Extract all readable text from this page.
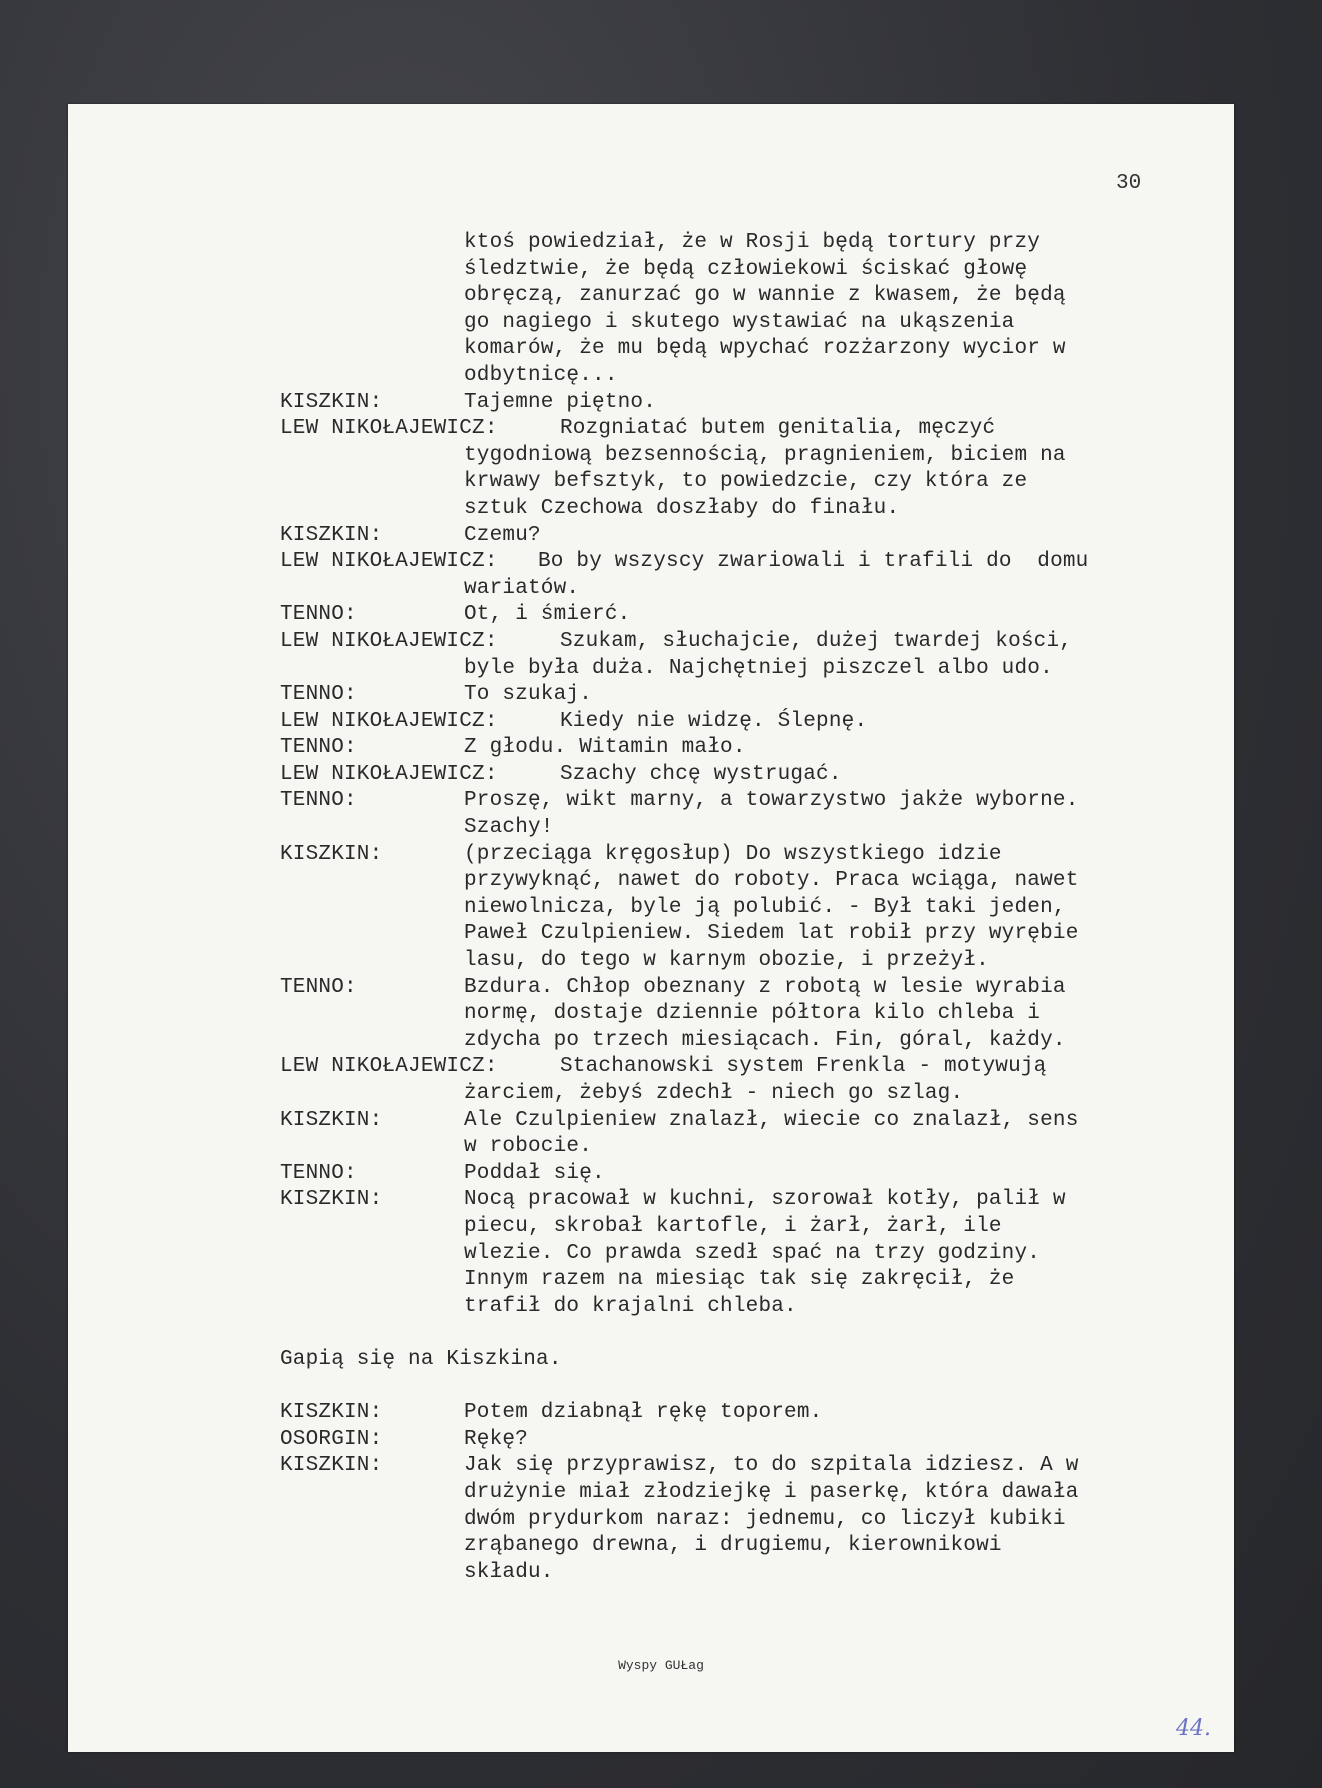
30
ktoś powiedział, że w Rosji będą tortury przy
śledztwie, że będą człowiekowi ściskać głowę
obręczą, zanurzać go w wannie z kwasem, że będą
go nagiego i skutego wystawiać na ukąszenia
komarów, że mu będą wpychać rozżarzony wycior w
odbytnicę...
KISZKIN:	Tajemne piętno.
LEW NIKOŁAJEWICZ:	Rozgniatać butem genitalia, męczyć
tygodniową bezsennością, pragnieniem, biciem na
krwawy befsztyk, to powiedzcie, czy która ze
sztuk Czechowa doszłaby do finału.
KISZKIN:	Czemu?
LEW NIKOŁAJEWICZ: Bo by wszyscy zwariowali i trafili do  domu
wariatów.
TENNO:	Ot, i śmierć.
LEW NIKOŁAJEWICZ:	Szukam, słuchajcie, dużej twardej kości,
byle była duża. Najchętniej piszczel albo udo.
TENNO:	To szukaj.
LEW NIKOŁAJEWICZ:	Kiedy nie widzę. Ślepnę.
TENNO:	Z głodu. Witamin mało.
LEW NIKOŁAJEWICZ:	Szachy chcę wystrugać.
TENNO:	Proszę, wikt marny, a towarzystwo jakże wyborne.
Szachy!
KISZKIN:	(przeciąga kręgosłup) Do wszystkiego idzie
przywyknąć, nawet do roboty. Praca wciąga, nawet
niewolnicza, byle ją polubić. - Był taki jeden,
Paweł Czulpieniew. Siedem lat robił przy wyrębie
lasu, do tego w karnym obozie, i przeżył.
TENNO:	Bzdura. Chłop obeznany z robotą w lesie wyrabia
normę, dostaje dziennie półtora kilo chleba i
zdycha po trzech miesiącach. Fin, góral, każdy.
LEW NIKOŁAJEWICZ:	Stachanowski system Frenkla - motywują
żarciem, żebyś zdechł - niech go szlag.
KISZKIN:	Ale Czulpieniew znalazł, wiecie co znalazł, sens
w robocie.
TENNO:	Poddał się.
KISZKIN:	Nocą pracował w kuchni, szorował kotły, palił w
piecu, skrobał kartofle, i żarł, żarł, ile
wlezie. Co prawda szedł spać na trzy godziny.
Innym razem na miesiąc tak się zakręcił, że
trafił do krajalni chleba.

Gapią się na Kiszkina.

KISZKIN:	Potem dziabnął rękę toporem.
OSORGIN:	Rękę?
KISZKIN:	Jak się przyprawisz, to do szpitala idziesz. A w
drużynie miał złodziejkę i paserkę, która dawała
dwóm prydurkom naraz: jednemu, co liczył kubiki
zrąbanego drewna, i drugiemu, kierownikowi
składu.
Wyspy GUŁag
44.
